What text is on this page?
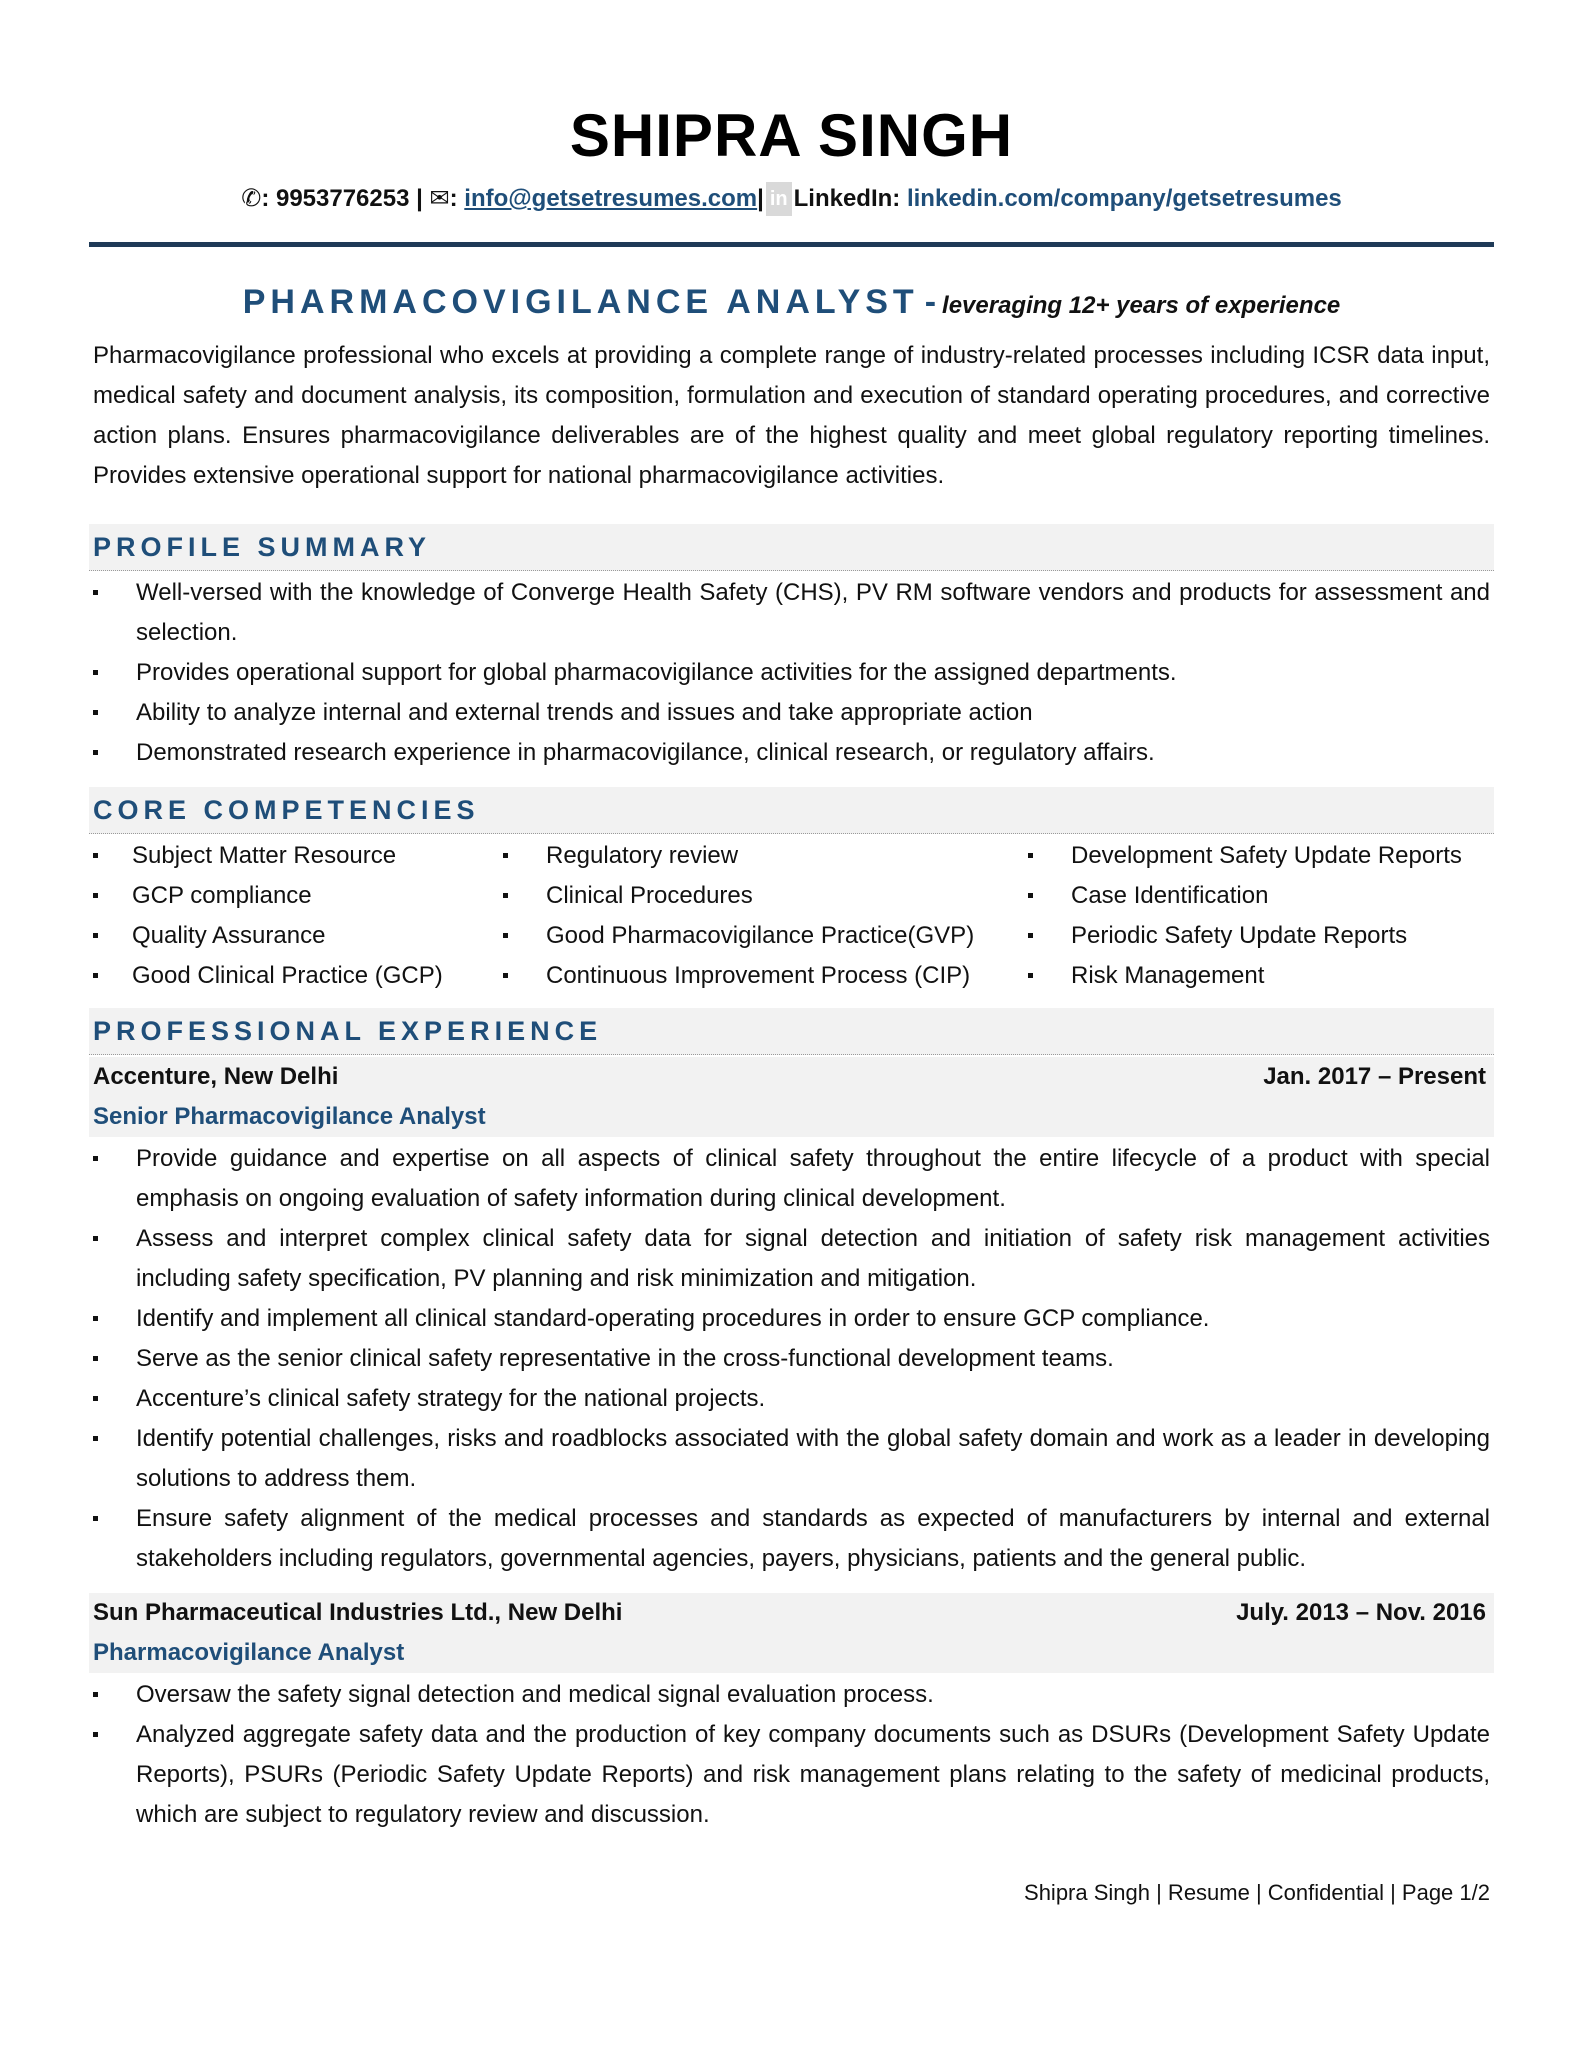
SHIPRA SINGH
✆: 9953776253 | ✉: info@getsetresumes.com| in LinkedIn: linkedin.com/company/getsetresumes
PHARMACOVIGILANCE ANALYST - leveraging 12+ years of experience

Pharmacovigilance professional who excels at providing a complete range of industry-related processes including ICSR data input, medical safety and document analysis, its composition, formulation and execution of standard operating procedures, and corrective action plans. Ensures pharmacovigilance deliverables are of the highest quality and meet global regulatory reporting timelines. Provides extensive operational support for national pharmacovigilance activities.

PROFILE SUMMARY
Well-versed with the knowledge of Converge Health Safety (CHS), PV RM software vendors and products for assessment and selection.
Provides operational support for global pharmacovigilance activities for the assigned departments.
Ability to analyze internal and external trends and issues and take appropriate action
Demonstrated research experience in pharmacovigilance, clinical research, or regulatory affairs.
CORE COMPETENCIES
Subject Matter Resource
GCP compliance
Quality Assurance
Good Clinical Practice (GCP)
Regulatory review
Clinical Procedures
Good Pharmacovigilance Practice(GVP)
Continuous Improvement Process (CIP)
Development Safety Update Reports
Case Identification
Periodic Safety Update Reports
Risk Management
PROFESSIONAL EXPERIENCE
Accenture, New Delhi	Jan. 2017 – Present
Senior Pharmacovigilance Analyst
Provide guidance and expertise on all aspects of clinical safety throughout the entire lifecycle of a product with special emphasis on ongoing evaluation of safety information during clinical development.
Assess and interpret complex clinical safety data for signal detection and initiation of safety risk management activities including safety specification, PV planning and risk minimization and mitigation.
Identify and implement all clinical standard-operating procedures in order to ensure GCP compliance.
Serve as the senior clinical safety representative in the cross-functional development teams.
Accenture’s clinical safety strategy for the national projects.
Identify potential challenges, risks and roadblocks associated with the global safety domain and work as a leader in developing solutions to address them.
Ensure safety alignment of the medical processes and standards as expected of manufacturers by internal and external stakeholders including regulators, governmental agencies, payers, physicians, patients and the general public.
Sun Pharmaceutical Industries Ltd., New Delhi	July. 2013 – Nov. 2016
Pharmacovigilance Analyst
Oversaw the safety signal detection and medical signal evaluation process.
Analyzed aggregate safety data and the production of key company documents such as DSURs (Development Safety Update Reports), PSURs (Periodic Safety Update Reports) and risk management plans relating to the safety of medicinal products, which are subject to regulatory review and discussion.
Shipra Singh | Resume | Confidential | Page 1/2
